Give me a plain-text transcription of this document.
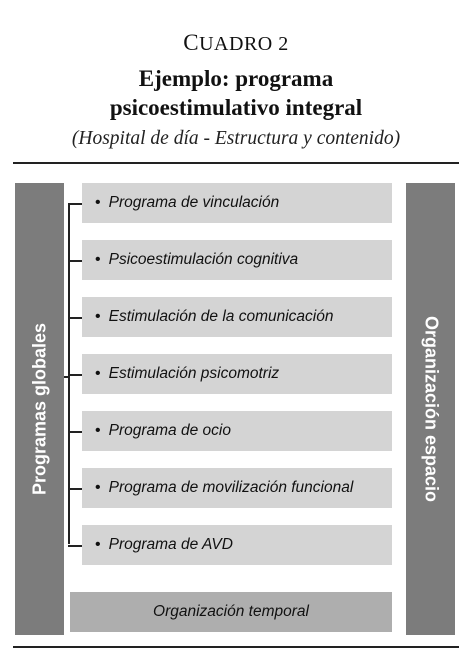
CUADRO 2
Ejemplo: programa
psicoestimulativo integral
(Hospital de día - Estructura y contenido)
Programas globales	Organización espacio
• Programa de vinculación
• Psicoestimulación cognitiva
• Estimulación de la comunicación
• Estimulación psicomotriz
• Programa de ocio
• Programa de movilización funcional
• Programa de AVD
Organización temporal
